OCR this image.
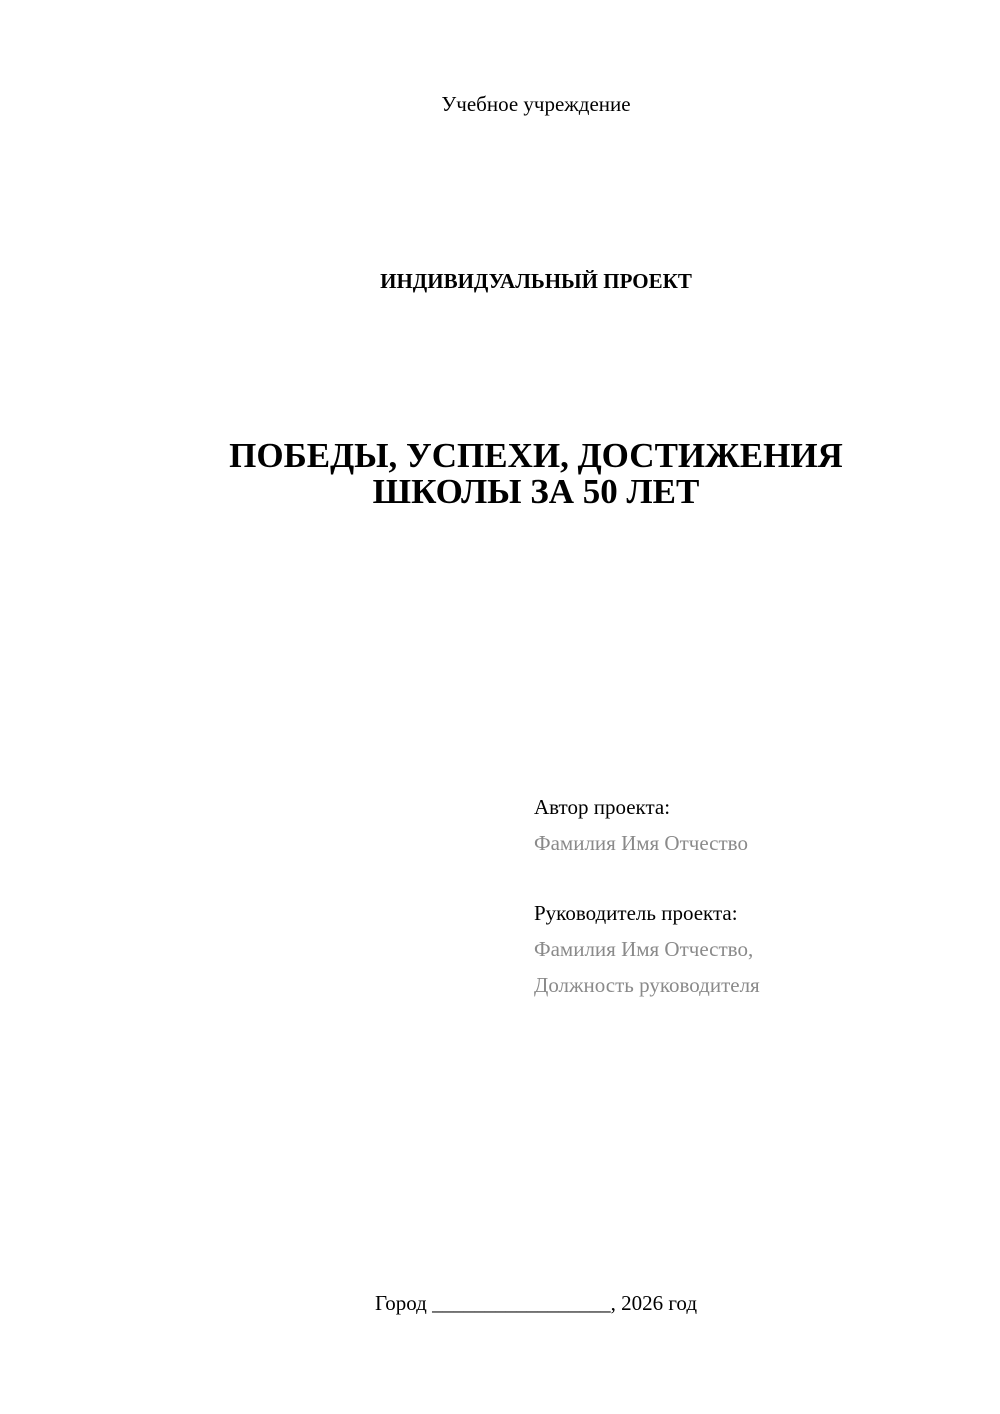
Учебное учреждение
ИНДИВИДУАЛЬНЫЙ ПРОЕКТ
ПОБЕДЫ, УСПЕХИ, ДОСТИЖЕНИЯ
ШКОЛЫ ЗА 50 ЛЕТ
Автор проекта:
Фамилия Имя Отчество
Руководитель проекта:
Фамилия Имя Отчество,
Должность руководителя
Город _________________, 2026 год
